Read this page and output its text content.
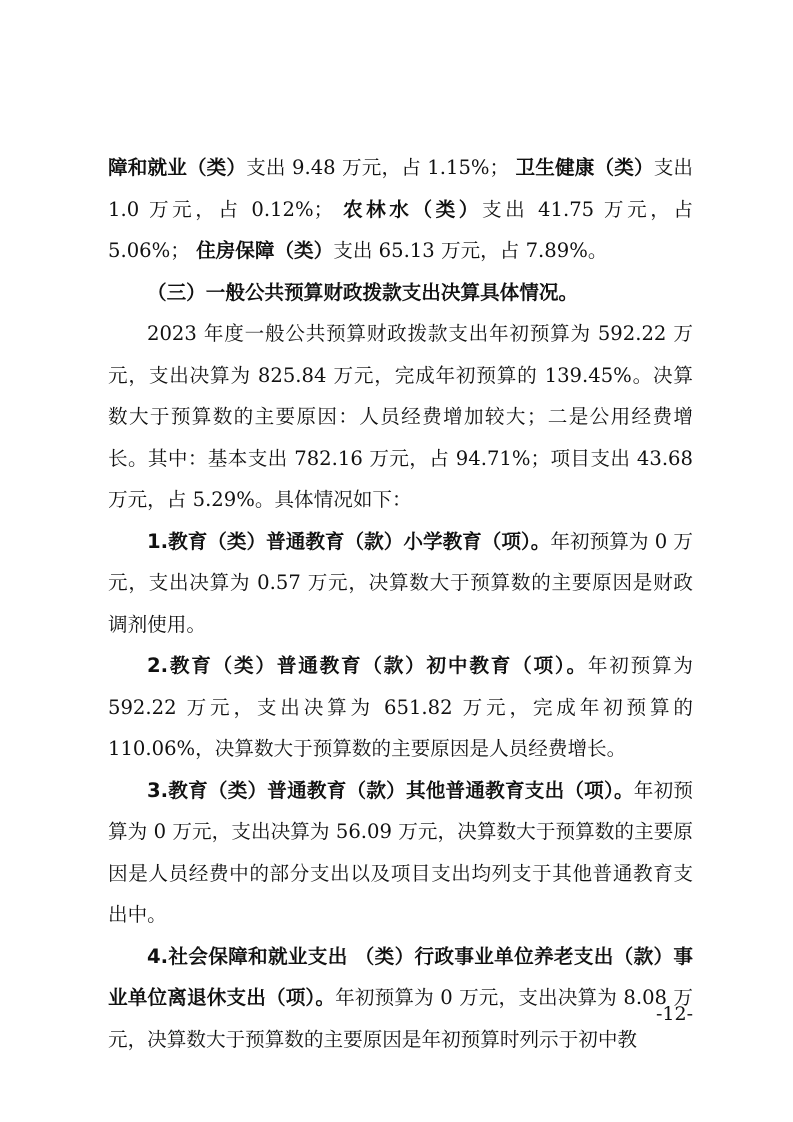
障和就业（类）支出 9.48 万元，占 1.15%； 卫生健康（类）支出 1.0 万元，占 0.12%； 农林水（类）支出 41.75 万元，占 5.06%； 住房保障（类）支出 65.13 万元，占 7.89%。

（三）一般公共预算财政拨款支出决算具体情况。

2023 年度一般公共预算财政拨款支出年初预算为 592.22 万元，支出决算为 825.84 万元，完成年初预算的 139.45%。决算数大于预算数的主要原因：人员经费增加较大；二是公用经费增长。其中：基本支出 782.16 万元，占 94.71%；项目支出 43.68 万元，占 5.29%。具体情况如下：

1.教育（类）普通教育（款）小学教育（项）。年初预算为 0 万元，支出决算为 0.57 万元，决算数大于预算数的主要原因是财政调剂使用。

2.教育（类）普通教育（款）初中教育（项）。年初预算为 592.22 万元，支出决算为 651.82 万元，完成年初预算的 110.06%，决算数大于预算数的主要原因是人员经费增长。

3.教育（类）普通教育（款）其他普通教育支出（项）。年初预算为 0 万元，支出决算为 56.09 万元，决算数大于预算数的主要原因是人员经费中的部分支出以及项目支出均列支于其他普通教育支出中。

4.社会保障和就业支出 （类）行政事业单位养老支出（款）事业单位离退休支出（项）。年初预算为 0 万元，支出决算为 8.08 万元，决算数大于预算数的主要原因是年初预算时列示于初中教

-12-
